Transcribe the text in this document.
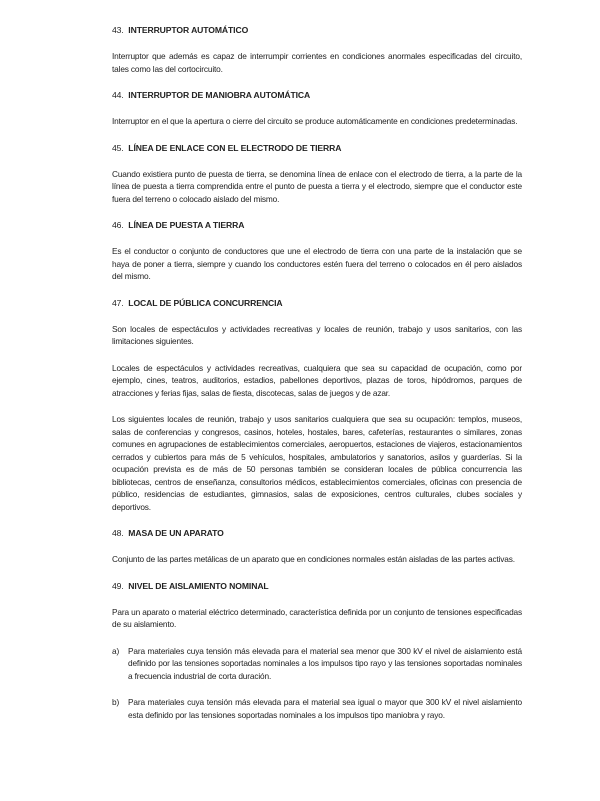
43. INTERRUPTOR AUTOMÁTICO

Interruptor que además es capaz de interrumpir corrientes en condiciones anormales especificadas del circuito, tales como las del cortocircuito.

44. INTERRUPTOR DE MANIOBRA AUTOMÁTICA

Interruptor en el que la apertura o cierre del circuito se produce automáticamente en condiciones predeterminadas.

45. LÍNEA DE ENLACE CON EL ELECTRODO DE TIERRA

Cuando existiera punto de puesta de tierra, se denomina línea de enlace con el electrodo de tierra, a la parte de la línea de puesta a tierra comprendida entre el punto de puesta a tierra y el electrodo, siempre que el conductor este fuera del terreno o colocado aislado del mismo.

46. LÍNEA DE PUESTA A TIERRA

Es el conductor o conjunto de conductores que une el electrodo de tierra con una parte de la instalación que se haya de poner a tierra, siempre y cuando los conductores estén fuera del terreno o colocados en él pero aislados del mismo.

47. LOCAL DE PÚBLICA CONCURRENCIA

Son locales de espectáculos y actividades recreativas y locales de reunión, trabajo y usos sanitarios, con las limitaciones siguientes.

Locales de espectáculos y actividades recreativas, cualquiera que sea su capacidad de ocupación, como por ejemplo, cines, teatros, auditorios, estadios, pabellones deportivos, plazas de toros, hipódromos, parques de atracciones y ferias fijas, salas de fiesta, discotecas, salas de juegos y de azar.

Los siguientes locales de reunión, trabajo y usos sanitarios cualquiera que sea su ocupación: templos, museos, salas de conferencias y congresos, casinos, hoteles, hostales, bares, cafeterías, restaurantes o similares, zonas comunes en agrupaciones de establecimientos comerciales, aeropuertos, estaciones de viajeros, estacionamientos cerrados y cubiertos para más de 5 vehículos, hospitales, ambulatorios y sanatorios, asilos y guarderías. Si la ocupación prevista es de más de 50 personas también se consideran locales de pública concurrencia las bibliotecas, centros de enseñanza, consultorios médicos, establecimientos comerciales, oficinas con presencia de público, residencias de estudiantes, gimnasios, salas de exposiciones, centros culturales, clubes sociales y deportivos.

48. MASA DE UN APARATO

Conjunto de las partes metálicas de un aparato que en condiciones normales están aisladas de las partes activas.

49. NIVEL DE AISLAMIENTO NOMINAL

Para un aparato o material eléctrico determinado, característica definida por un conjunto de tensiones especificadas de su aislamiento.

a) Para materiales cuya tensión más elevada para el material sea menor que 300 kV el nivel de aislamiento está definido por las tensiones soportadas nominales a los impulsos tipo rayo y las tensiones soportadas nominales a frecuencia industrial de corta duración.
b) Para materiales cuya tensión más elevada para el material sea igual o mayor que 300 kV el nivel aislamiento esta definido por las tensiones soportadas nominales a los impulsos tipo maniobra y rayo.
